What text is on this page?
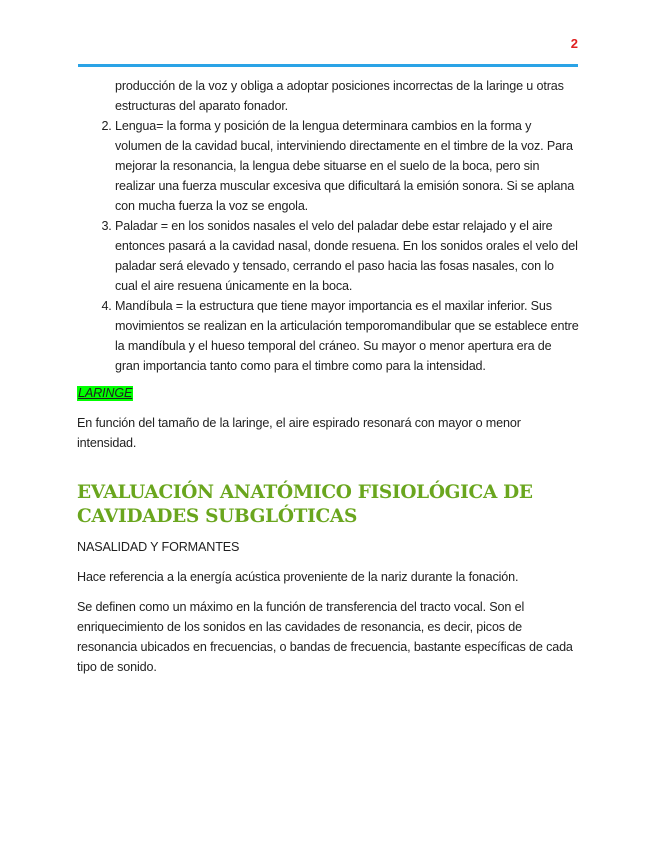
2

producción de la voz y obliga a adoptar posiciones incorrectas de la laringe u otras estructuras del aparato fonador.

2. Lengua= la forma y posición de la lengua determinara cambios en la forma y volumen de la cavidad bucal, interviniendo directamente en el timbre de la voz. Para mejorar la resonancia, la lengua debe situarse en el suelo de la boca, pero sin realizar una fuerza muscular excesiva que dificultará la emisión sonora. Si se aplana con mucha fuerza la voz se engola.
3. Paladar = en los sonidos nasales el velo del paladar debe estar relajado y el aire entonces pasará a la cavidad nasal, donde resuena. En los sonidos orales el velo del paladar será elevado y tensado, cerrando el paso hacia las fosas nasales, con lo cual el aire resuena únicamente en la boca.
4. Mandíbula = la estructura que tiene mayor importancia es el maxilar inferior. Sus movimientos se realizan en la articulación temporomandibular que se establece entre la mandíbula y el hueso temporal del cráneo. Su mayor o menor apertura era de gran importancia tanto como para el timbre como para la intensidad.
LARINGE

En función del tamaño de la laringe, el aire espirado resonará con mayor o menor intensidad.

EVALUACIÓN ANATÓMICO FISIOLÓGICA DE CAVIDADES SUBGLÓTICAS

NASALIDAD Y FORMANTES

Hace referencia a la energía acústica proveniente de la nariz durante la fonación.

Se definen como un máximo en la función de transferencia del tracto vocal. Son el enriquecimiento de los sonidos en las cavidades de resonancia, es decir, picos de resonancia ubicados en frecuencias, o bandas de frecuencia, bastante específicas de cada tipo de sonido.
